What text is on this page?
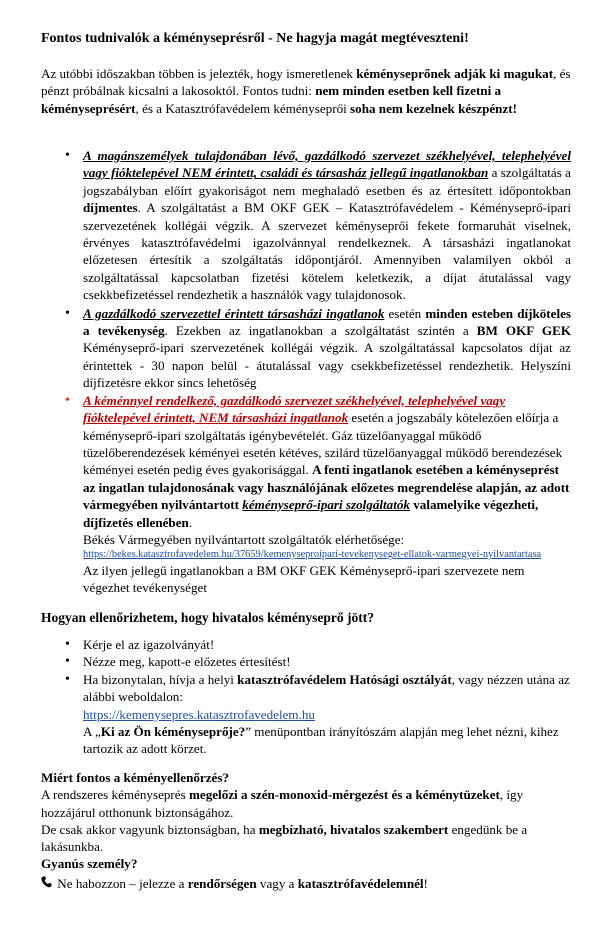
Fontos tudnivalók a kéményseprésről - Ne hagyja magát megtéveszteni!
Az utóbbi időszakban többen is jelezték, hogy ismeretlenek kéményseprőnek adják ki magukat, és pénzt próbálnak kicsalni a lakosoktól. Fontos tudni: nem minden esetben kell fizetni a kéményseprésért, és a Katasztrófavédelem kéményseprői soha nem kezelnek készpénzt!
• A magánszemélyek tulajdonában lévő, gazdálkodó szervezet székhelyével, telephelyével vagy fióktelepével NEM érintett, családi és társasház jellegű ingatlanokban a szolgáltatás a jogszabályban előírt gyakoriságot nem meghaladó esetben és az értesített időpontokban díjmentes. A szolgáltatást a BM OKF GEK – Katasztrófavédelem - Kéményseprő-ipari szervezetének kollégái végzik. A szervezet kéményseprői fekete formaruhát viselnek, érvényes katasztrófavédelmi igazolvánnyal rendelkeznek. A társasházi ingatlanokat előzetesen értesítik a szolgáltatás időpontjáról. Amennyiben valamilyen okból a szolgáltatással kapcsolatban fizetési kötelem keletkezik, a díjat átutalással vagy csekkbefizetéssel rendezhetik a használók vagy tulajdonosok.
• A gazdálkodó szervezettel érintett társasházi ingatlanok esetén minden esteben díjköteles a tevékenység. Ezekben az ingatlanokban a szolgáltatást szintén a BM OKF GEK Kéményseprő-ipari szervezetének kollégái végzik. A szolgáltatással kapcsolatos díjat az érintettek - 30 napon belül - átutalással vagy csekkbefizetéssel rendezhetik. Helyszíni díjfizetésre ekkor sincs lehetőség
• A kéménnyel rendelkező, gazdálkodó szervezet székhelyével, telephelyével vagy fióktelepével érintett, NEM társasházi ingatlanok esetén a jogszabály kötelezően előírja a kéményseprő-ipari szolgáltatás igénybevételét. Gáz tüzelőanyaggal működő tüzelőberendezések kéményei esetén kétéves, szilárd tüzelőanyaggal működő berendezések kéményei esetén pedig éves gyakorisággal. A fenti ingatlanok esetében a kéményseprést az ingatlan tulajdonosának vagy használójának előzetes megrendelése alapján, az adott vármegyében nyilvántartott kéményseprő-ipari szolgáltatók valamelyike végezheti, díjfizetés ellenében.
Békés Vármegyében nyilvántartott szolgáltatók elérhetősége:
https://bekes.katasztrofavedelem.hu/37659/kemenyseproipari-tevekenyseget-ellatok-varmegyei-nyilvantartasa
Az ilyen jellegű ingatlanokban a BM OKF GEK Kéményseprő-ipari szervezete nem végezhet tevékenységet
Hogyan ellenőrizhetem, hogy hivatalos kéményseprő jött?
• Kérje el az igazolványát!
• Nézze meg, kapott-e előzetes értesítést!
• Ha bizonytalan, hívja a helyi katasztrófavédelem Hatósági osztályát, vagy nézzen utána az alábbi weboldalon:
https://kemenysepres.katasztrofavedelem.hu
A „Ki az Ön kéményseprője?” menüpontban irányítószám alapján meg lehet nézni, kihez tartozik az adott körzet.
Miért fontos a kéményellenőrzés?
A rendszeres kéményseprés megelőzi a szén-monoxid-mérgezést és a kéménytüzeket, így hozzájárul otthonunk biztonságához.
De csak akkor vagyunk biztonságban, ha megbízható, hivatalos szakembert engedünk be a lakásunkba.
Gyanús személy?
Ne habozzon – jelezze a rendőrségen vagy a katasztrófavédelemnél!
